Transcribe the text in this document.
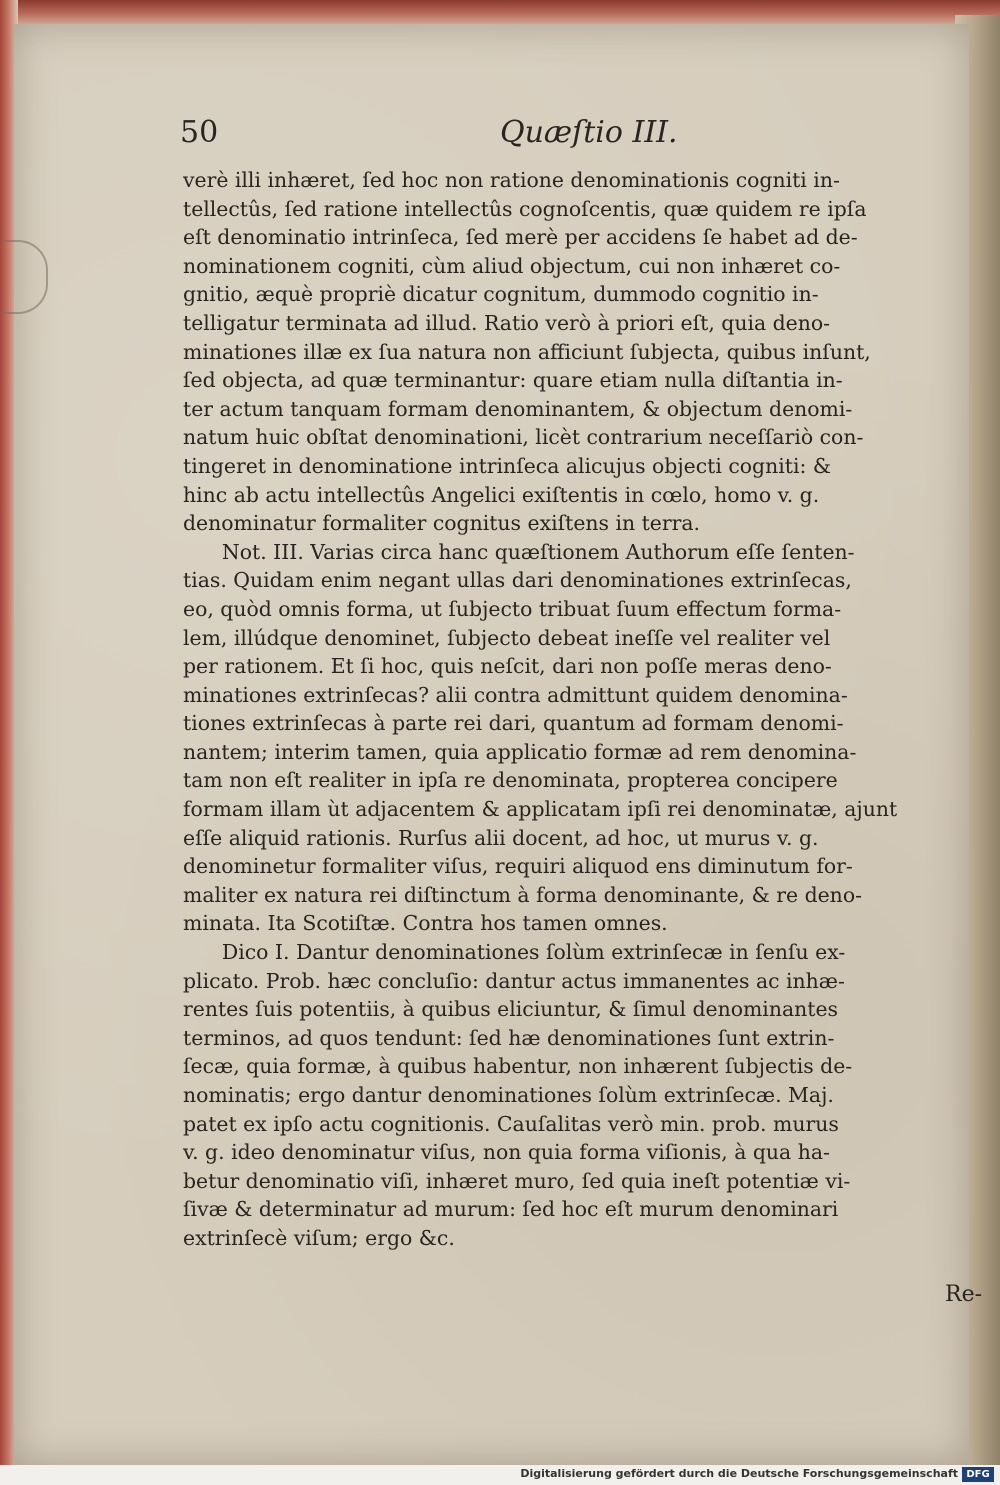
50	Quæſtio III.
verè illi inhæret, ſed hoc non ratione denominationis cogniti in-
tellectûs, ſed ratione intellectûs cognoſcentis, quæ quidem re ipſa
eſt denominatio intrinſeca, ſed merè per accidens ſe habet ad de-
nominationem cogniti, cùm aliud objectum, cui non inhæret co-
gnitio, æquè propriè dicatur cognitum, dummodo cognitio in-
telligatur terminata ad illud. Ratio verò à priori eſt, quia deno-
minationes illæ ex ſua natura non afficiunt ſubjecta, quibus inſunt,
ſed objecta, ad quæ terminantur: quare etiam nulla diſtantia in-
ter actum tanquam formam denominantem, & objectum denomi-
natum huic obſtat denominationi, licèt contrarium neceſſariò con-
tingeret in denominatione intrinſeca alicujus objecti cogniti: &
hinc ab actu intellectûs Angelici exiſtentis in cœlo, homo v. g.
denominatur formaliter cognitus exiſtens in terra.
Not. III. Varias circa hanc quæſtionem Authorum eſſe ſenten-
tias. Quidam enim negant ullas dari denominationes extrinſecas,
eo, quòd omnis forma, ut ſubjecto tribuat ſuum effectum forma-
lem, illúdque denominet, ſubjecto debeat ineſſe vel realiter vel
per rationem. Et ſi hoc, quis neſcit, dari non poſſe meras deno-
minationes extrinſecas? alii contra admittunt quidem denomina-
tiones extrinſecas à parte rei dari, quantum ad formam denomi-
nantem; interim tamen, quia applicatio formæ ad rem denomina-
tam non eſt realiter in ipſa re denominata, propterea concipere
formam illam ùt adjacentem & applicatam ipſi rei denominatæ, ajunt
eſſe aliquid rationis. Rurſus alii docent, ad hoc, ut murus v. g.
denominetur formaliter viſus, requiri aliquod ens diminutum for-
maliter ex natura rei diſtinctum à forma denominante, & re deno-
minata. Ita Scotiſtæ. Contra hos tamen omnes.
Dico I. Dantur denominationes ſolùm extrinſecæ in ſenſu ex-
plicato. Prob. hæc concluſio: dantur actus immanentes ac inhæ-
rentes ſuis potentiis, à quibus eliciuntur, & ſimul denominantes
terminos, ad quos tendunt: ſed hæ denominationes ſunt extrin-
ſecæ, quia formæ, à quibus habentur, non inhærent ſubjectis de-
nominatis; ergo dantur denominationes ſolùm extrinſecæ. Maj.
patet ex ipſo actu cognitionis. Cauſalitas verò min. prob. murus
v. g. ideo denominatur viſus, non quia forma viſionis, à qua ha-
betur denominatio viſi, inhæret muro, ſed quia ineſt potentiæ vi-
ſivæ & determinatur ad murum: ſed hoc eſt murum denominari
extrinſecè viſum; ergo &c.
Re-
Digitalisierung gefördert durch die Deutsche Forschungsgemeinschaft DFG
